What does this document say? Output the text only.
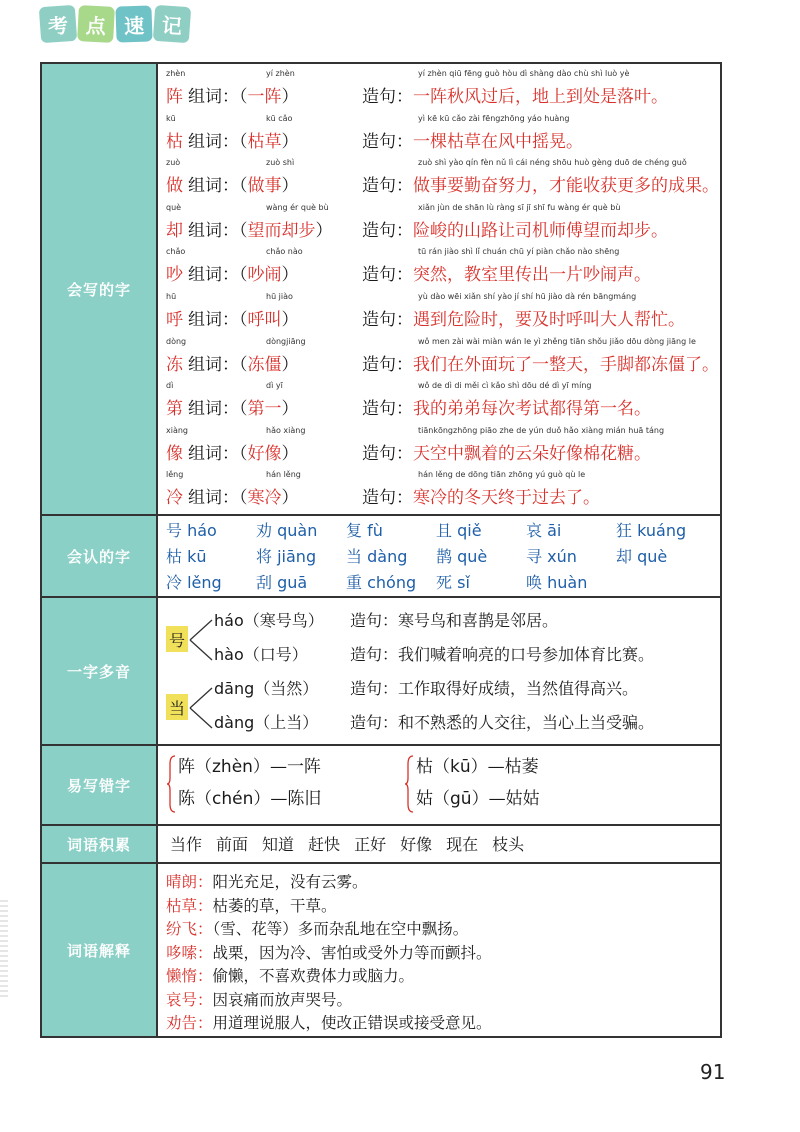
考 点 速 记
会写的字
zhèn	yí zhèn	yí zhèn qiū fēng guò hòu dì shàng dào chù shì luò yè
阵 组词：（一阵）	造句：一阵秋风过后，地上到处是落叶。
kū	kū cǎo	yì kē kū cǎo zài fēngzhōng yáo huàng
枯 组词：（枯草）	造句：一棵枯草在风中摇晃。
zuò	zuò shì	zuò shì yào qín fèn nǔ lì cái néng shōu huò gèng duō de chéng guǒ
做 组词：（做事）	造句：做事要勤奋努力，才能收获更多的成果。
què	wàng ér què bù	xiǎn jùn de shān lù ràng sī jī shī fu wàng ér què bù
却 组词：（望而却步） 造句：险峻的山路让司机师傅望而却步。
chǎo	chǎo nào	tū rán jiào shì lǐ chuán chū yí piàn chǎo nào shēng
吵 组词：（吵闹）	造句：突然，教室里传出一片吵闹声。
hū	hū jiào	yù dào wēi xiǎn shí yào jí shí hū jiào dà rén bāngmáng
呼 组词：（呼叫）	造句：遇到危险时，要及时呼叫大人帮忙。
dòng	dòngjiāng	wǒ men zài wài miàn wán le yì zhěng tiān shǒu jiǎo dōu dòng jiāng le
冻 组词：（冻僵）	造句：我们在外面玩了一整天，手脚都冻僵了。
dì	dì yī	wǒ de dì di měi cì kǎo shì dōu dé dì yī míng
第 组词：（第一）	造句：我的弟弟每次考试都得第一名。
xiàng	hǎo xiàng	tiānkōngzhōng piāo zhe de yún duǒ hǎo xiàng mián huā táng
像 组词：（好像）	造句：天空中飘着的云朵好像棉花糖。
lěng	hán lěng	hán lěng de dōng tiān zhōng yú guò qù le
冷 组词：（寒冷）	造句：寒冷的冬天终于过去了。
会认的字
号 háo	劝 quàn	复 fù	且 qiě	哀 āi	狂 kuáng
枯 kū	将 jiāng	当 dàng	鹊 què	寻 xún	却 què
冷 lěng	刮 guā	重 chóng	死 sǐ	唤 huàn
一字多音
号
háo（寒号鸟） 造句：寒号鸟和喜鹊是邻居。
hào（口号）	造句：我们喊着响亮的口号参加体育比赛。
当
dāng（当然） 造句：工作取得好成绩，当然值得高兴。
dàng（上当） 造句：和不熟悉的人交往，当心上当受骗。
易写错字
阵（zhèn）—一阵
陈（chén）—陈旧
枯（kū）—枯萎
姑（gū）—姑姑
词语积累	当作 前面 知道 赶快 正好 好像 现在 枝头
词语解释
晴朗：阳光充足，没有云雾。
枯草：枯萎的草，干草。
纷飞：（雪、花等）多而杂乱地在空中飘扬。
哆嗦：战栗，因为冷、害怕或受外力等而颤抖。
懒惰：偷懒，不喜欢费体力或脑力。
哀号：因哀痛而放声哭号。
劝告：用道理说服人，使改正错误或接受意见。
91
